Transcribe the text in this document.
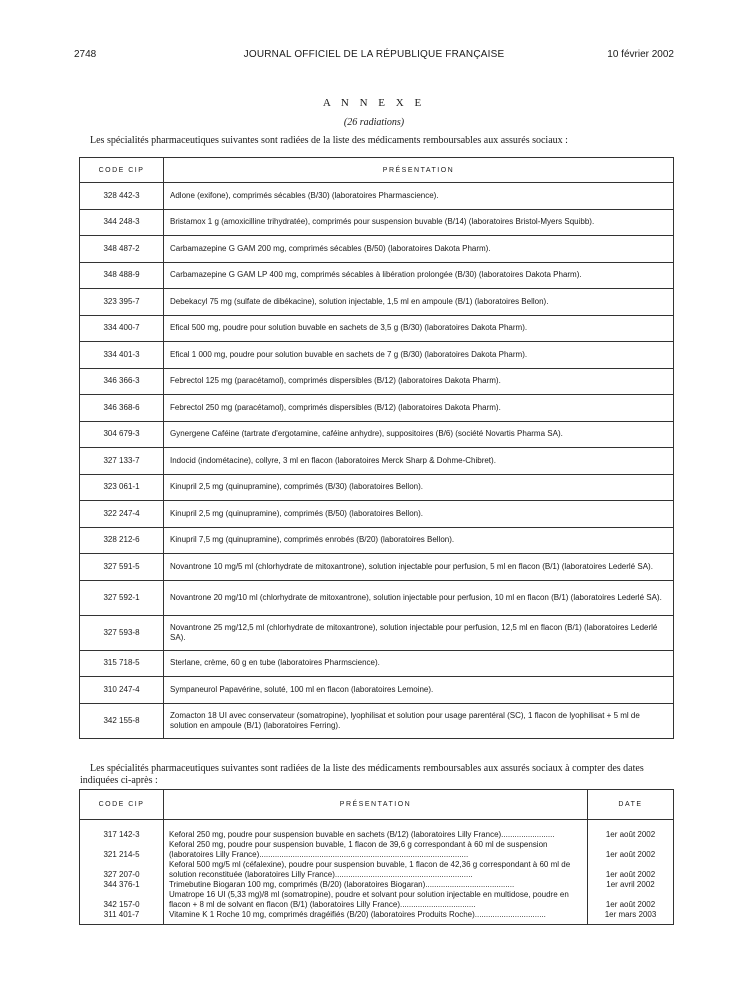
2748	JOURNAL OFFICIEL DE LA RÉPUBLIQUE FRANÇAISE	10 février 2002
A N N E X E
(26 radiations)
Les spécialités pharmaceutiques suivantes sont radiées de la liste des médicaments remboursables aux assurés sociaux :
CODE CIP	PRÉSENTATION
328 442-3	Adlone (exifone), comprimés sécables (B/30) (laboratoires Pharmascience).
344 248-3	Bristamox 1 g (amoxicilline trihydratée), comprimés pour suspension buvable (B/14) (laboratoires Bristol-Myers Squibb).
348 487-2	Carbamazepine G GAM 200 mg, comprimés sécables (B/50) (laboratoires Dakota Pharm).
348 488-9	Carbamazepine G GAM LP 400 mg, comprimés sécables à libération prolongée (B/30) (laboratoires Dakota Pharm).
323 395-7	Debekacyl 75 mg (sulfate de dibékacine), solution injectable, 1,5 ml en ampoule (B/1) (laboratoires Bellon).
334 400-7	Efical 500 mg, poudre pour solution buvable en sachets de 3,5 g (B/30) (laboratoires Dakota Pharm).
334 401-3	Efical 1 000 mg, poudre pour solution buvable en sachets de 7 g (B/30) (laboratoires Dakota Pharm).
346 366-3	Febrectol 125 mg (paracétamol), comprimés dispersibles (B/12) (laboratoires Dakota Pharm).
346 368-6	Febrectol 250 mg (paracétamol), comprimés dispersibles (B/12) (laboratoires Dakota Pharm).
304 679-3	Gynergene Caféine (tartrate d'ergotamine, caféine anhydre), suppositoires (B/6) (société Novartis Pharma SA).
327 133-7	Indocid (indométacine), collyre, 3 ml en flacon (laboratoires Merck Sharp & Dohme-Chibret).
323 061-1	Kinupril 2,5 mg (quinupramine), comprimés (B/30) (laboratoires Bellon).
322 247-4	Kinupril 2,5 mg (quinupramine), comprimés (B/50) (laboratoires Bellon).
328 212-6	Kinupril 7,5 mg (quinupramine), comprimés enrobés (B/20) (laboratoires Bellon).
327 591-5	Novantrone 10 mg/5 ml (chlorhydrate de mitoxantrone), solution injectable pour perfusion, 5 ml en flacon (B/1) (laboratoires Lederlé SA).
327 592-1	Novantrone 20 mg/10 ml (chlorhydrate de mitoxantrone), solution injectable pour perfusion, 10 ml en flacon (B/1) (laboratoires Lederlé SA).
327 593-8	Novantrone 25 mg/12,5 ml (chlorhydrate de mitoxantrone), solution injectable pour perfusion, 12,5 ml en flacon (B/1) (laboratoires Lederlé SA).
315 718-5	Sterlane, crème, 60 g en tube (laboratoires Pharmscience).
310 247-4	Sympaneurol Papavérine, soluté, 100 ml en flacon (laboratoires Lemoine).
342 155-8	Zomacton 18 UI avec conservateur (somatropine), lyophilisat et solution pour usage parentéral (SC), 1 flacon de lyophilisat + 5 ml de solution en ampoule (B/1) (laboratoires Ferring).
Les spécialités pharmaceutiques suivantes sont radiées de la liste des médicaments remboursables aux assurés sociaux à compter des dates indiquées ci-après :
CODE CIP	PRÉSENTATION	DATE

317 142-3	Keforal 250 mg, poudre pour suspension buvable en sachets (B/12) (laboratoires Lilly France)........................	1er août 2002
321 214-5	Keforal 250 mg, poudre pour suspension buvable, 1 flacon de 39,6 g correspondant à 60 ml de suspension (laboratoires Lilly France)..............................................................................................	1er août 2002
327 207-0	Keforal 500 mg/5 ml (céfalexine), poudre pour suspension buvable, 1 flacon de 42,36 g correspondant à 60 ml de solution reconstituée (laboratoires Lilly France)..............................................................	1er août 2002
344 376-1	Trimebutine Biogaran 100 mg, comprimés (B/20) (laboratoires Biogaran)........................................	1er avril 2002
342 157-0	Umatrope 16 UI (5,33 mg)/8 ml (somatropine), poudre et solvant pour solution injectable en multidose, poudre en flacon + 8 ml de solvant en flacon (B/1) (laboratoires Lilly France)..................................	1er août 2002
311 401-7	Vitamine K 1 Roche 10 mg, comprimés dragéifiés (B/20) (laboratoires Produits Roche)................................	1er mars 2003
